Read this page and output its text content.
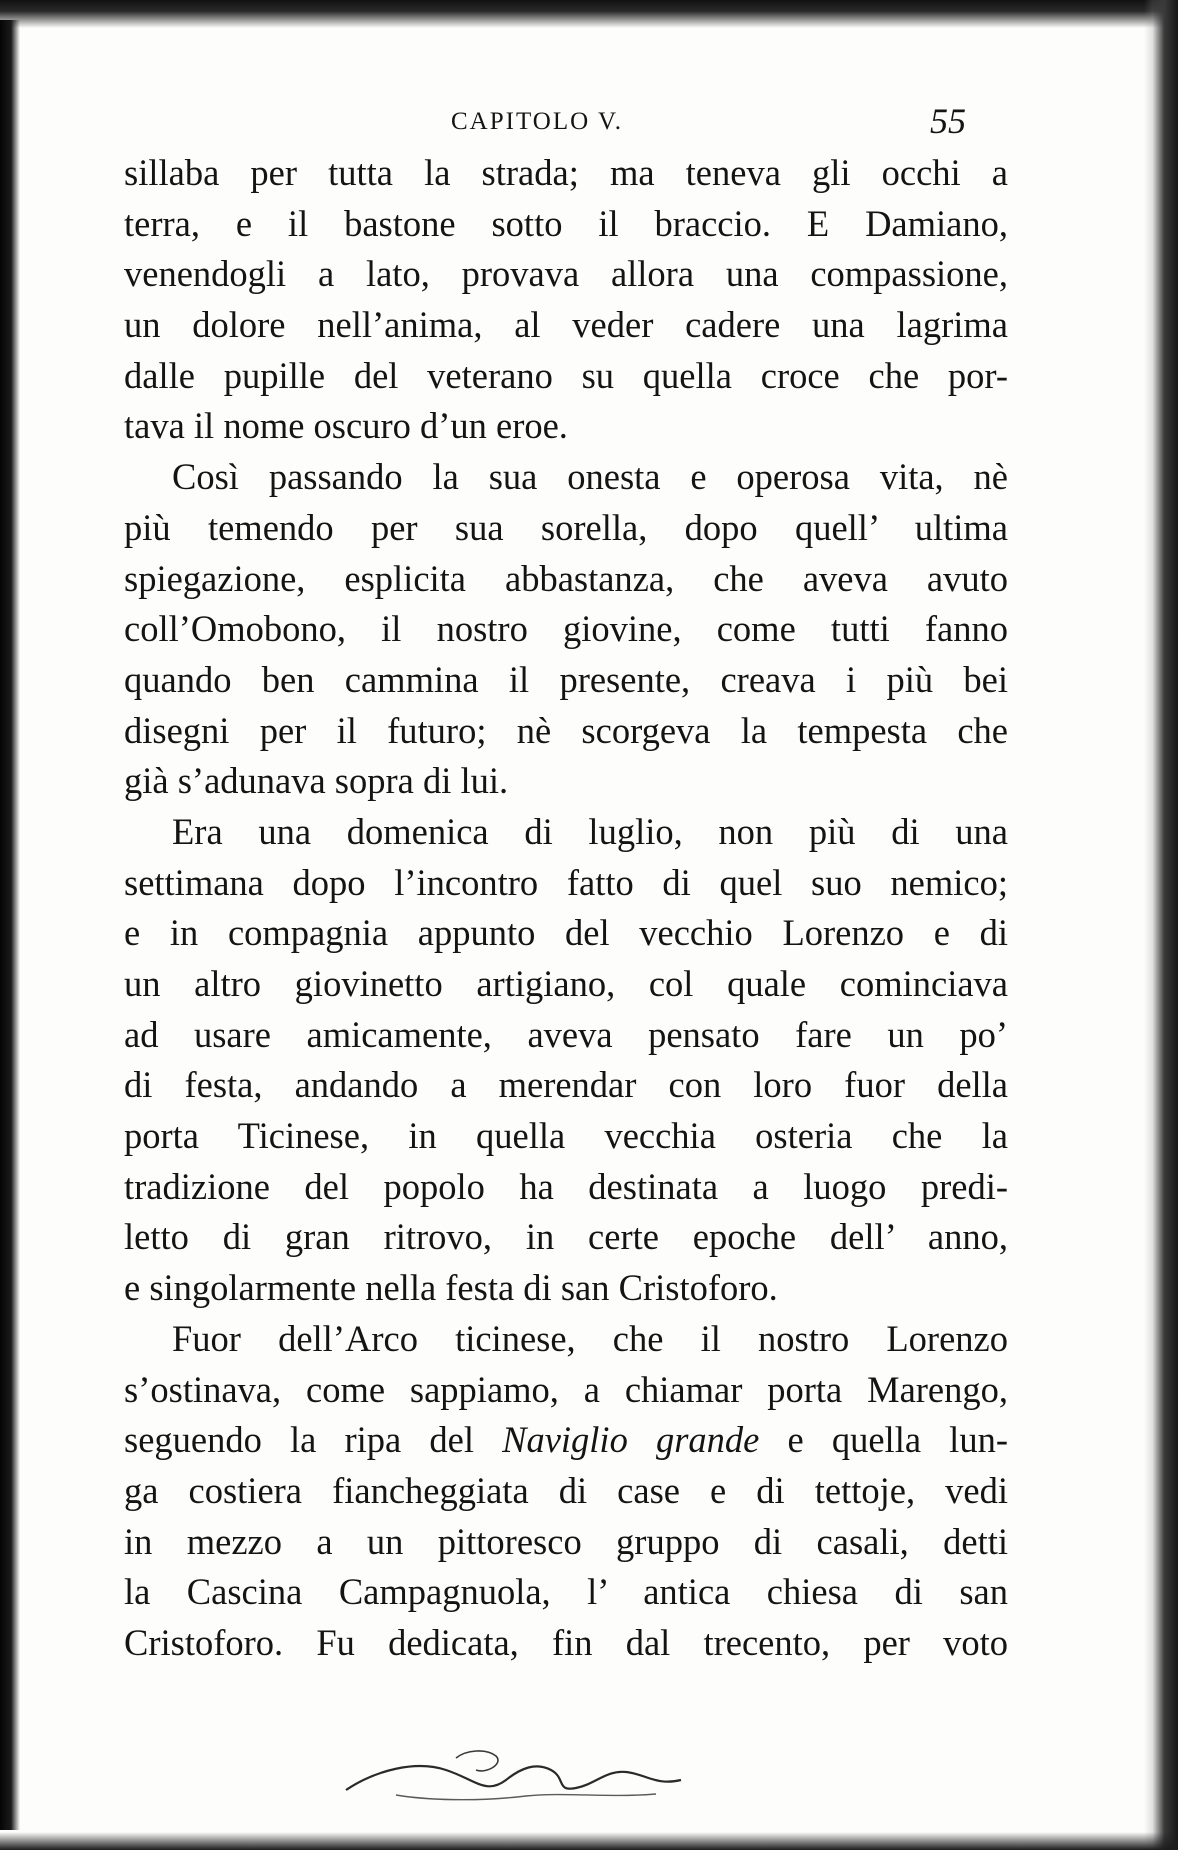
CAPITOLO V.	55
sillaba per tutta la strada; ma teneva gli occhi a
terra, e il bastone sotto il braccio. E Damiano,
venendogli a lato, provava allora una compassione,
un dolore nell’anima, al veder cadere una lagrima
dalle pupille del veterano su quella croce che por-
tava il nome oscuro d’un eroe.
Così passando la sua onesta e operosa vita, nè
più temendo per sua sorella, dopo quell’ ultima
spiegazione, esplicita abbastanza, che aveva avuto
coll’Omobono, il nostro giovine, come tutti fanno
quando ben cammina il presente, creava i più bei
disegni per il futuro; nè scorgeva la tempesta che
già s’adunava sopra di lui.
Era una domenica di luglio, non più di una
settimana dopo l’incontro fatto di quel suo nemico;
e in compagnia appunto del vecchio Lorenzo e di
un altro giovinetto artigiano, col quale cominciava
ad usare amicamente, aveva pensato fare un po’
di festa, andando a merendar con loro fuor della
porta Ticinese, in quella vecchia osteria che la
tradizione del popolo ha destinata a luogo predi-
letto di gran ritrovo, in certe epoche dell’ anno,
e singolarmente nella festa di san Cristoforo.
Fuor dell’Arco ticinese, che il nostro Lorenzo
s’ostinava, come sappiamo, a chiamar porta Marengo,
seguendo la ripa del Naviglio grande e quella lun-
ga costiera fiancheggiata di case e di tettoje, vedi
in mezzo a un pittoresco gruppo di casali, detti
la Cascina Campagnuola, l’ antica chiesa di san
Cristoforo. Fu dedicata, fin dal trecento, per voto
